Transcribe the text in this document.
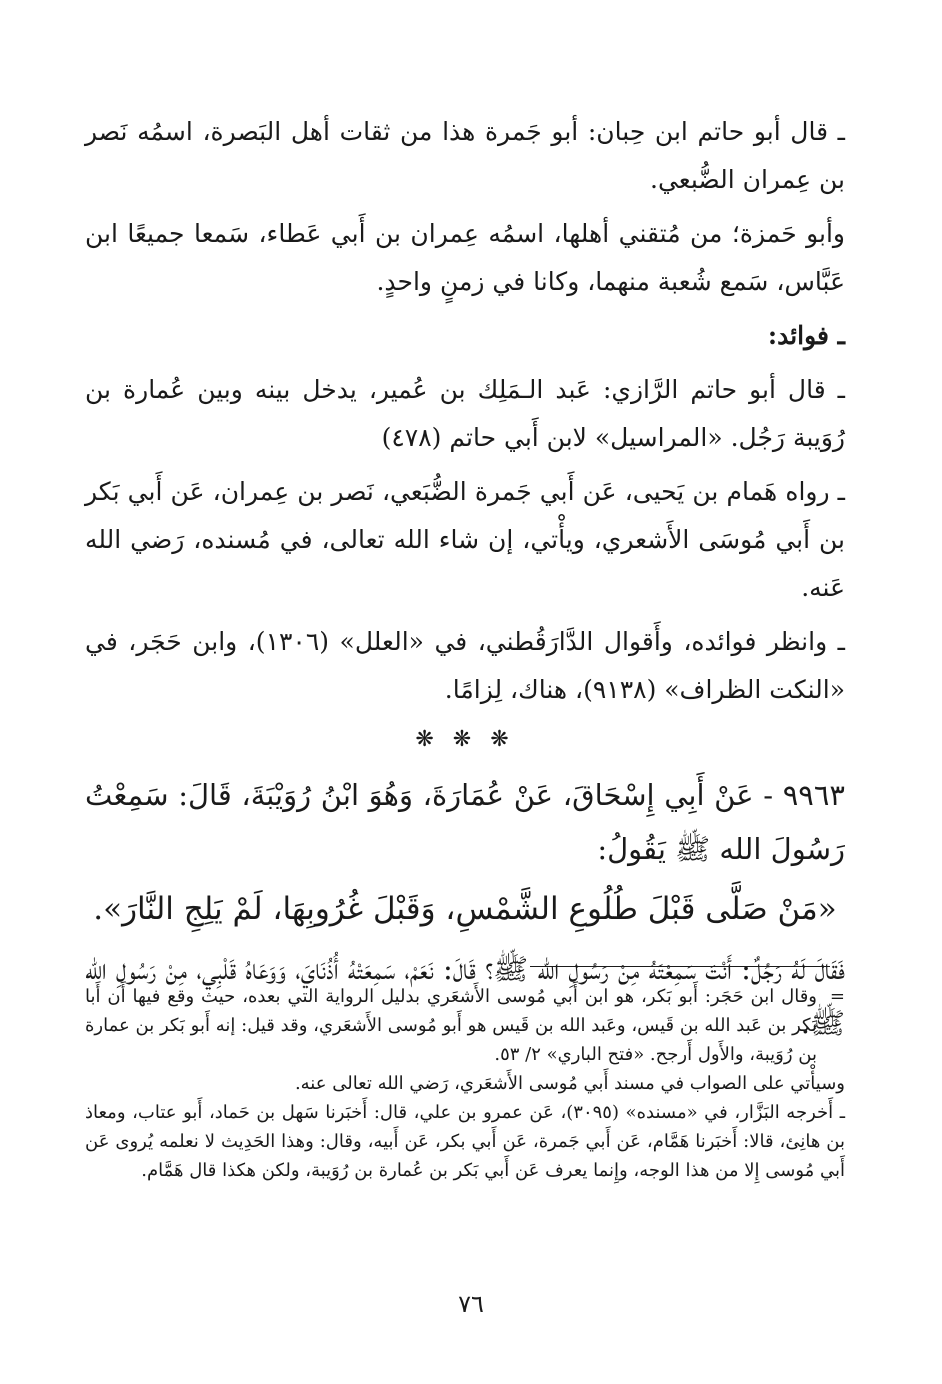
ـ قال أبو حاتم ابن حِبان: أبو جَمرة هذا من ثقات أهل البَصرة، اسمُه نَصر بن عِمران الضُّبعي.

وأبو حَمزة؛ من مُتقني أهلها، اسمُه عِمران بن أَبي عَطاء، سَمعا جميعًا ابن عَبَّاس، سَمع شُعبة منهما، وكانا في زمنٍ واحدٍ.

ـ فوائد:

ـ قال أبو حاتم الرَّازي: عَبد الـمَلِك بن عُمير، يدخل بينه وبين عُمارة بن رُوَيبة رَجُل. «المراسيل» لابن أَبي حاتم (٤٧٨)

ـ رواه هَمام بن يَحيى، عَن أَبي جَمرة الضُّبَعي، نَصر بن عِمران، عَن أَبي بَكر بن أَبي مُوسَى الأَشعري، ويأْتي، إن شاء الله تعالى، في مُسنده، رَضي الله عَنه.

ـ وانظر فوائده، وأَقوال الدَّارَقُطني، في «العلل» (١٣٠٦)، وابن حَجَر، في «النكت الظراف» (٩١٣٨)، هناك، لِزامًا.

❋ ❋ ❋

٩٩٦٣ - عَنْ أَبِي إِسْحَاقَ، عَنْ عُمَارَةَ، وَهُوَ ابْنُ رُوَيْبَةَ، قَالَ: سَمِعْتُ رَسُولَ الله ﷺ يَقُولُ:

«مَنْ صَلَّى قَبْلَ طُلُوعِ الشَّمْسِ، وَقَبْلَ غُرُوبِهَا، لَمْ يَلِجِ النَّارَ».

فَقَالَ لَهُ رَجُلٌ: أَنْتَ سَمِعْتَهُ مِنْ رَسُولِ الله ﷺ؟ قَالَ: نَعَمْ، سَمِعَتْهُ أُذُنَايَ، وَوَعَاهُ قَلْبِي، مِنْ رَسُولِ الله ﷺ.

=
وقال ابن حَجَر: أَبو بَكر، هو ابن أَبي مُوسى الأَشعَري بدليل الرواية التي بعده، حيث وقع فيها أَن أَبا بَكر بن عَبد الله بن قَيس، وعَبد الله بن قَيس هو أَبو مُوسى الأَشعَري، وقد قيل: إنه أَبو بَكر بن عمارة بن رُوَيبة، والأَول أَرجح. «فتح الباري» ٢/ ٥٣.

وسيأْتي على الصواب في مسند أَبي مُوسى الأَشعَري، رَضي الله تعالى عنه.

ـ أَخرجه البَزَّار، في «مسنده» (٣٠٩٥)، عَن عمرو بن علي، قال: أَخبَرنا سَهل بن حَماد، أَبو عتاب، ومعاذ بن هانِئ، قالا: أَخبَرنا هَمَّام، عَن أَبي جَمرة، عَن أَبي بكر، عَن أَبيه، وقال: وهذا الحَدِيث لا نعلمه يُروى عَن أَبي مُوسى إِلا من هذا الوجه، وإِنما يعرف عَن أَبي بَكر بن عُمارة بن رُوَيبة، ولكن هكذا قال هَمَّام.

٧٦
